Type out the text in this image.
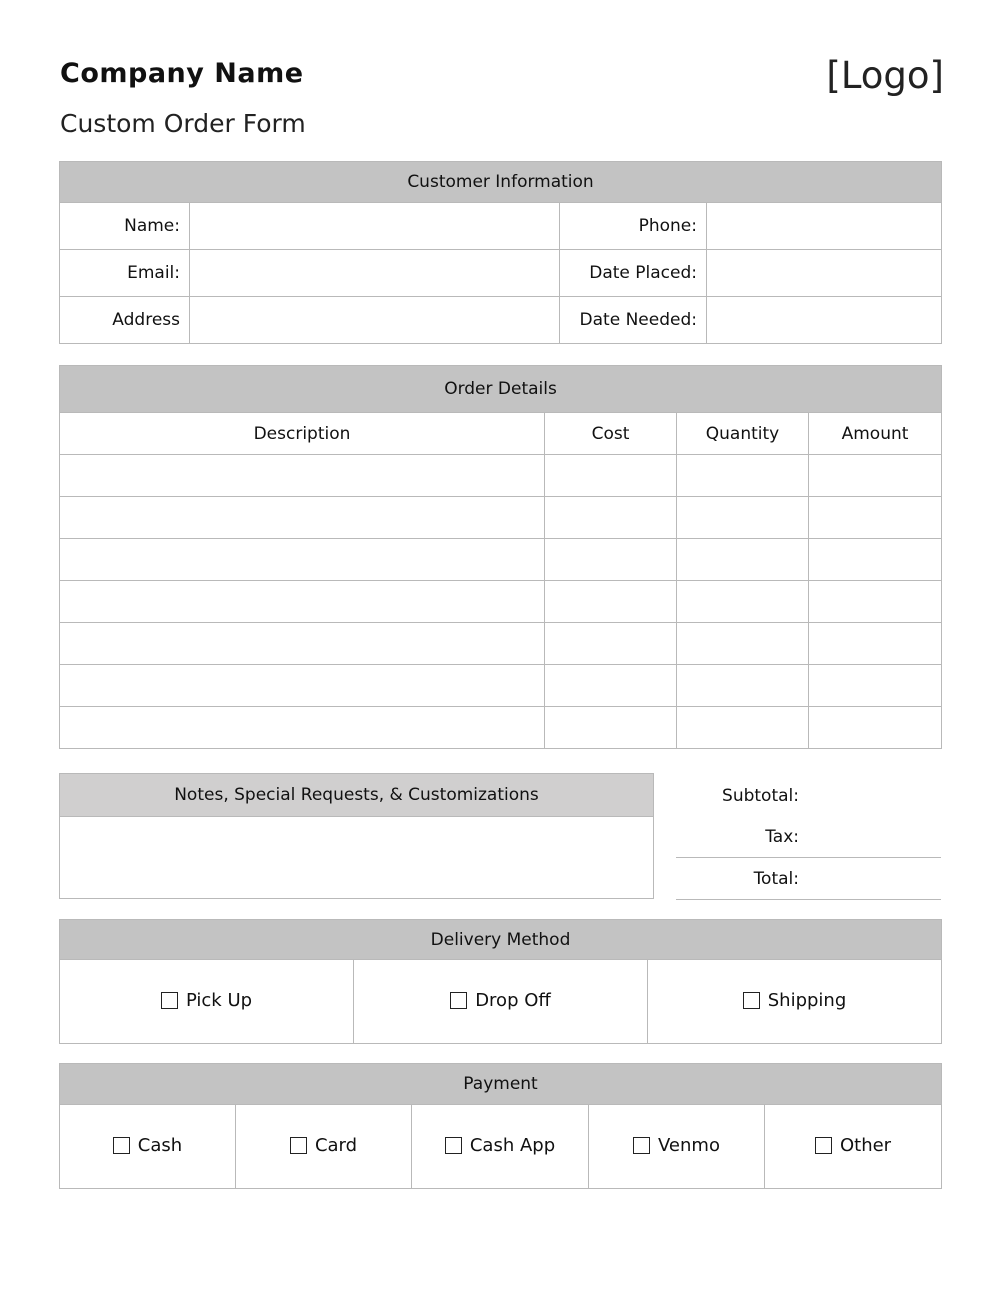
Company Name
Custom Order Form
[Logo]
Customer Information			
Name:		Phone:	
Email:		Date Placed:	
Address		Date Needed:	
Order Details			
Description	Cost	Quantity	Amount

Notes, Special Requests, & Customizations	Subtotal:
Tax:
Total:
Delivery Method

Pick Up	Drop Off	Shipping
Payment

Cash	Card	Cash App	Venmo	Other
